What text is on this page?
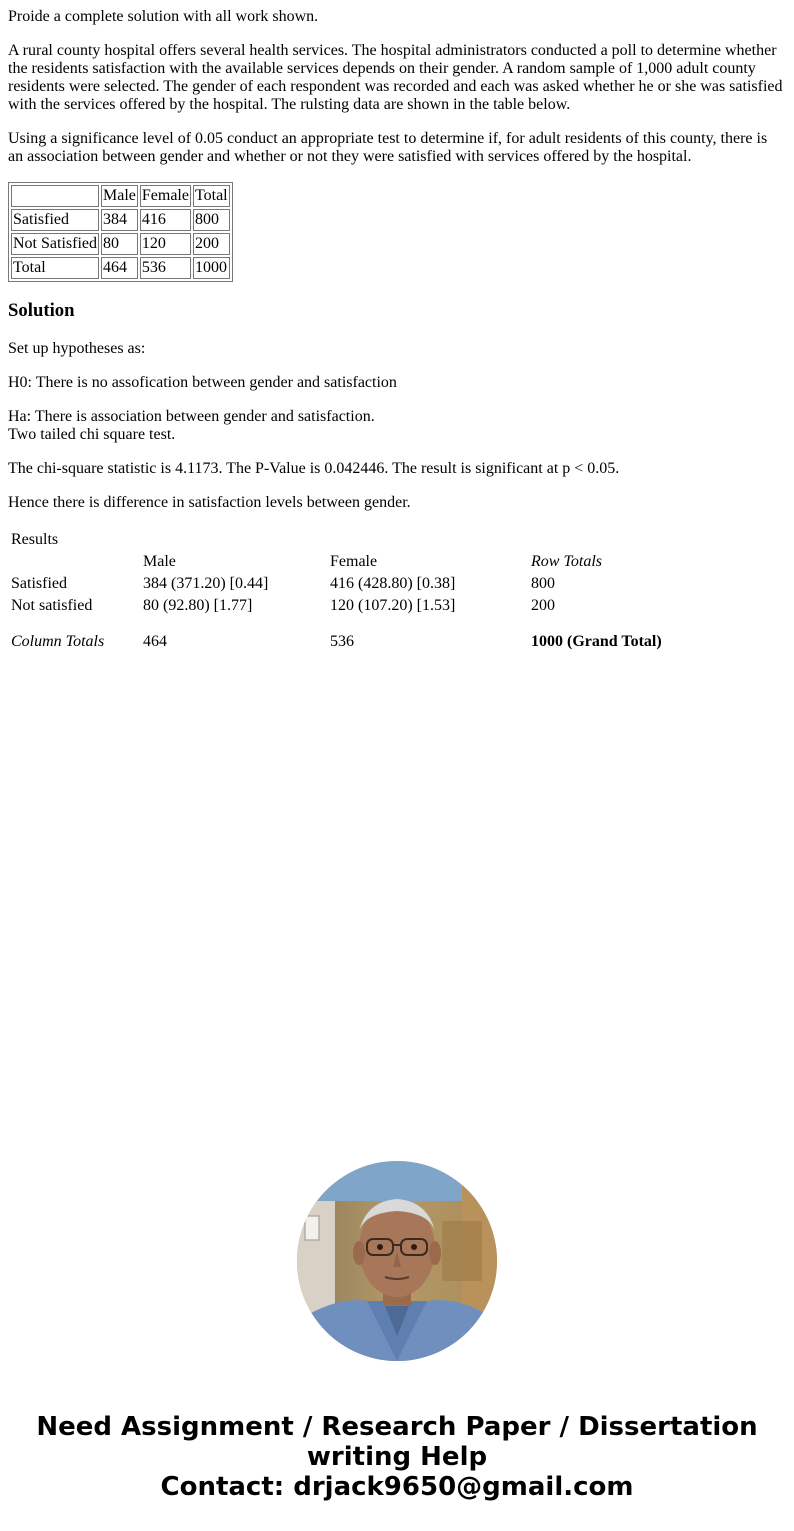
Proide a complete solution with all work shown.

A rural county hospital offers several health services. The hospital administrators conducted a poll to determine whether the residents satisfaction with the available services depends on their gender. A random sample of 1,000 adult county residents were selected. The gender of each respondent was recorded and each was asked whether he or she was satisfied with the services offered by the hospital. The rulsting data are shown in the table below.

Using a significance level of 0.05 conduct an appropriate test to determine if, for adult residents of this county, there is an association between gender and whether or not they were satisfied with services offered by the hospital.

	Male	Female	Total
Satisfied	384	416	800
Not Satisfied	80	120	200
Total	464	536	1000
Solution

Set up hypotheses as:

H0: There is no assofication between gender and satisfaction

Ha: There is association between gender and satisfaction.
Two tailed chi square test.

The chi-square statistic is 4.1173. The P-Value is 0.042446. The result is significant at p < 0.05.

Hence there is difference in satisfaction levels between gender.

Results			
	Male	Female	Row Totals
Satisfied	384 (371.20) [0.44]	416 (428.80) [0.38]	800
Not satisfied	80 (92.80) [1.77]	120 (107.20) [1.53]	200

Column Totals	464	536	1000 (Grand Total)
Need Assignment / Research Paper / Dissertation
writing Help
Contact: drjack9650@gmail.com
